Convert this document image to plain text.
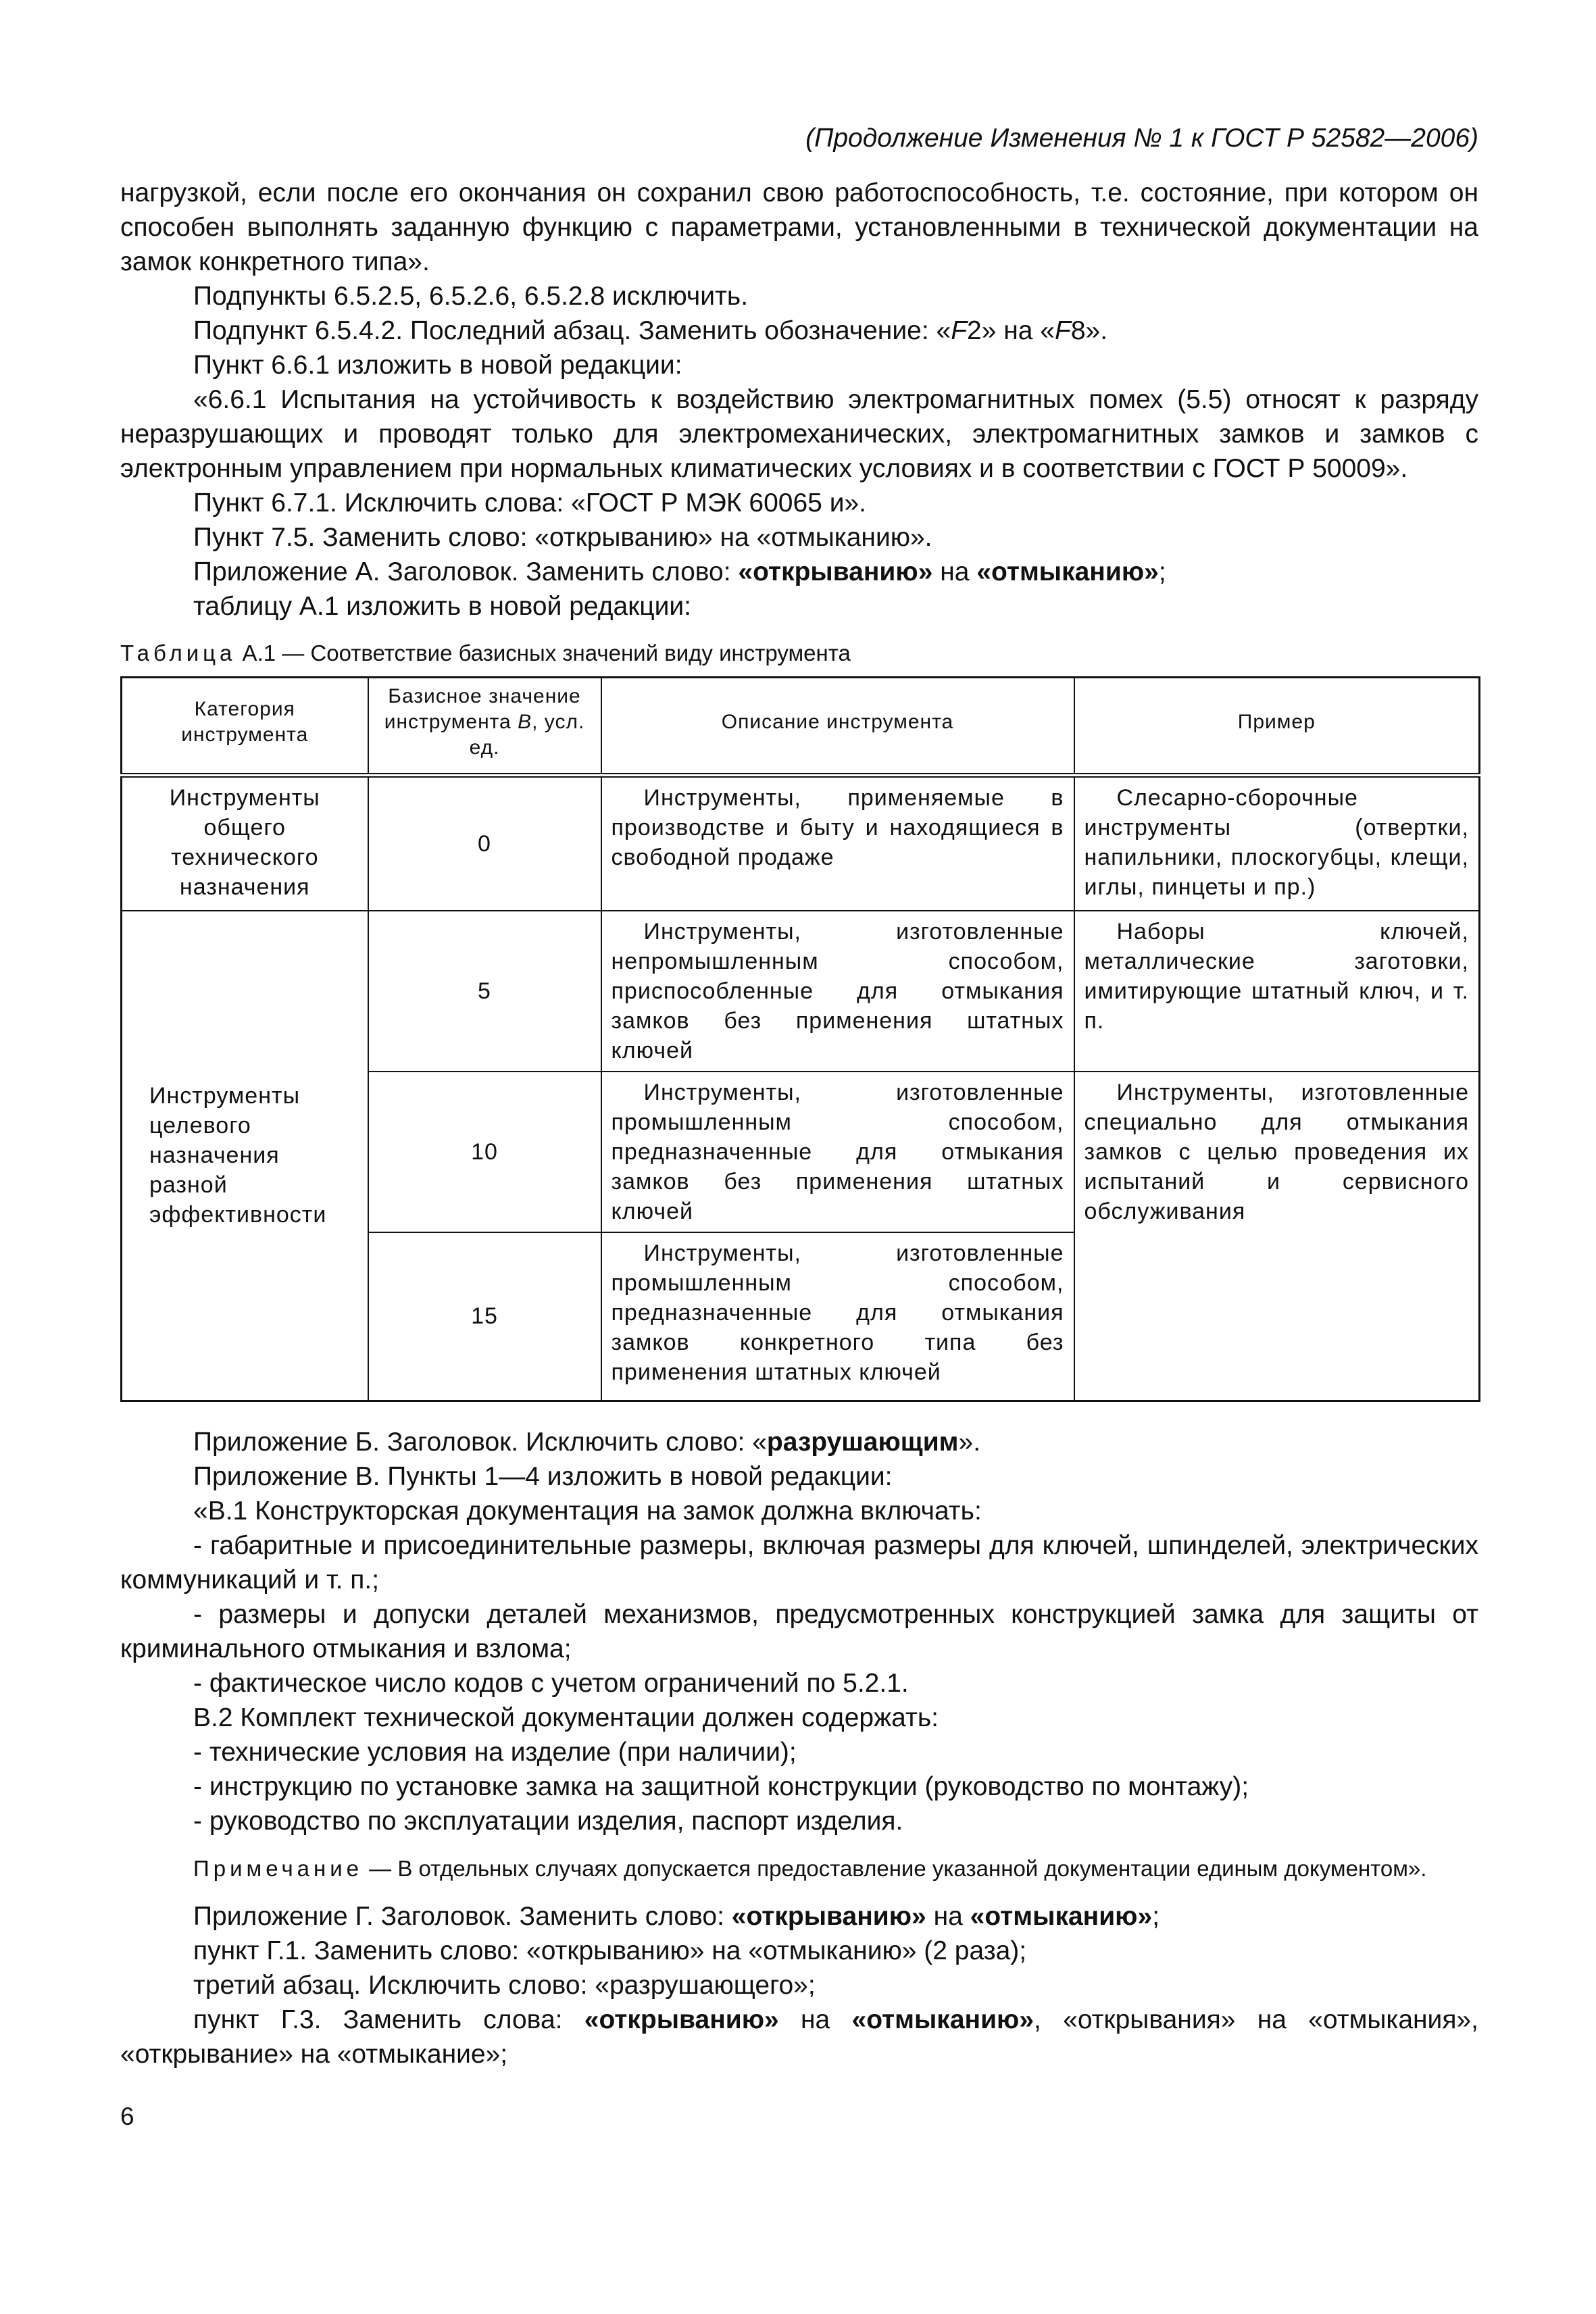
(Продолжение Изменения № 1 к ГОСТ Р 52582—2006)

нагрузкой, если после его окончания он сохранил свою работоспособность, т.е. состояние, при котором он способен выполнять заданную функцию с параметрами, установленными в технической документации на замок конкретного типа».

Подпункты 6.5.2.5, 6.5.2.6, 6.5.2.8 исключить.

Подпункт 6.5.4.2. Последний абзац. Заменить обозначение: «F2» на «F8».

Пункт 6.6.1 изложить в новой редакции:

«6.6.1 Испытания на устойчивость к воздействию электромагнитных помех (5.5) относят к разряду неразрушающих и проводят только для электромеханических, электромагнитных замков и замков с электронным управлением при нормальных климатических условиях и в соответствии с ГОСТ Р 50009».

Пункт 6.7.1. Исключить слова: «ГОСТ Р МЭК 60065 и».

Пункт 7.5. Заменить слово: «открыванию» на «отмыканию».

Приложение А. Заголовок. Заменить слово: «открыванию» на «отмыканию»;

таблицу А.1 изложить в новой редакции:

Таблица А.1 — Соответствие базисных значений виду инструмента
Категория инструмента	Базисное значение инструмента В, усл. ед.	Описание инструмента	Пример
Инструменты общего технического назначения	0	Инструменты, применяемые в производстве и быту и находящиеся в свободной продаже	Слесарно-сборочные инструменты (отвертки, напильники, плоскогубцы, клещи, иглы, пинцеты и пр.)
Инструменты целевого назначения разной эффективности	5	Инструменты, изготовленные непромышленным способом, приспособленные для отмыкания замков без применения штатных ключей	Наборы ключей, металлические заготовки, имитирующие штатный ключ, и т. п.
	10	Инструменты, изготовленные промышленным способом, предназначенные для отмыкания замков без применения штатных ключей	Инструменты, изготовленные специально для отмыкания замков с целью проведения их испытаний и сервисного обслуживания
	15	Инструменты, изготовленные промышленным способом, предназначенные для отмыкания замков конкретного типа без применения штатных ключей	

Приложение Б. Заголовок. Исключить слово: «разрушающим».

Приложение В. Пункты 1—4 изложить в новой редакции:

«В.1 Конструкторская документация на замок должна включать:

- габаритные и присоединительные размеры, включая размеры для ключей, шпинделей, электрических коммуникаций и т. п.;

- размеры и допуски деталей механизмов, предусмотренных конструкцией замка для защиты от криминального отмыкания и взлома;

- фактическое число кодов с учетом ограничений по 5.2.1.

В.2 Комплект технической документации должен содержать:

- технические условия на изделие (при наличии);

- инструкцию по установке замка на защитной конструкции (руководство по монтажу);

- руководство по эксплуатации изделия, паспорт изделия.

Примечание — В отдельных случаях допускается предоставление указанной документации единым документом».

Приложение Г. Заголовок. Заменить слово: «открыванию» на «отмыканию»;

пункт Г.1. Заменить слово: «открыванию» на «отмыканию» (2 раза);

третий абзац. Исключить слово: «разрушающего»;

пункт Г.3. Заменить слова: «открыванию» на «отмыканию», «открывания» на «отмыкания», «открывание» на «отмыкание»;

6
